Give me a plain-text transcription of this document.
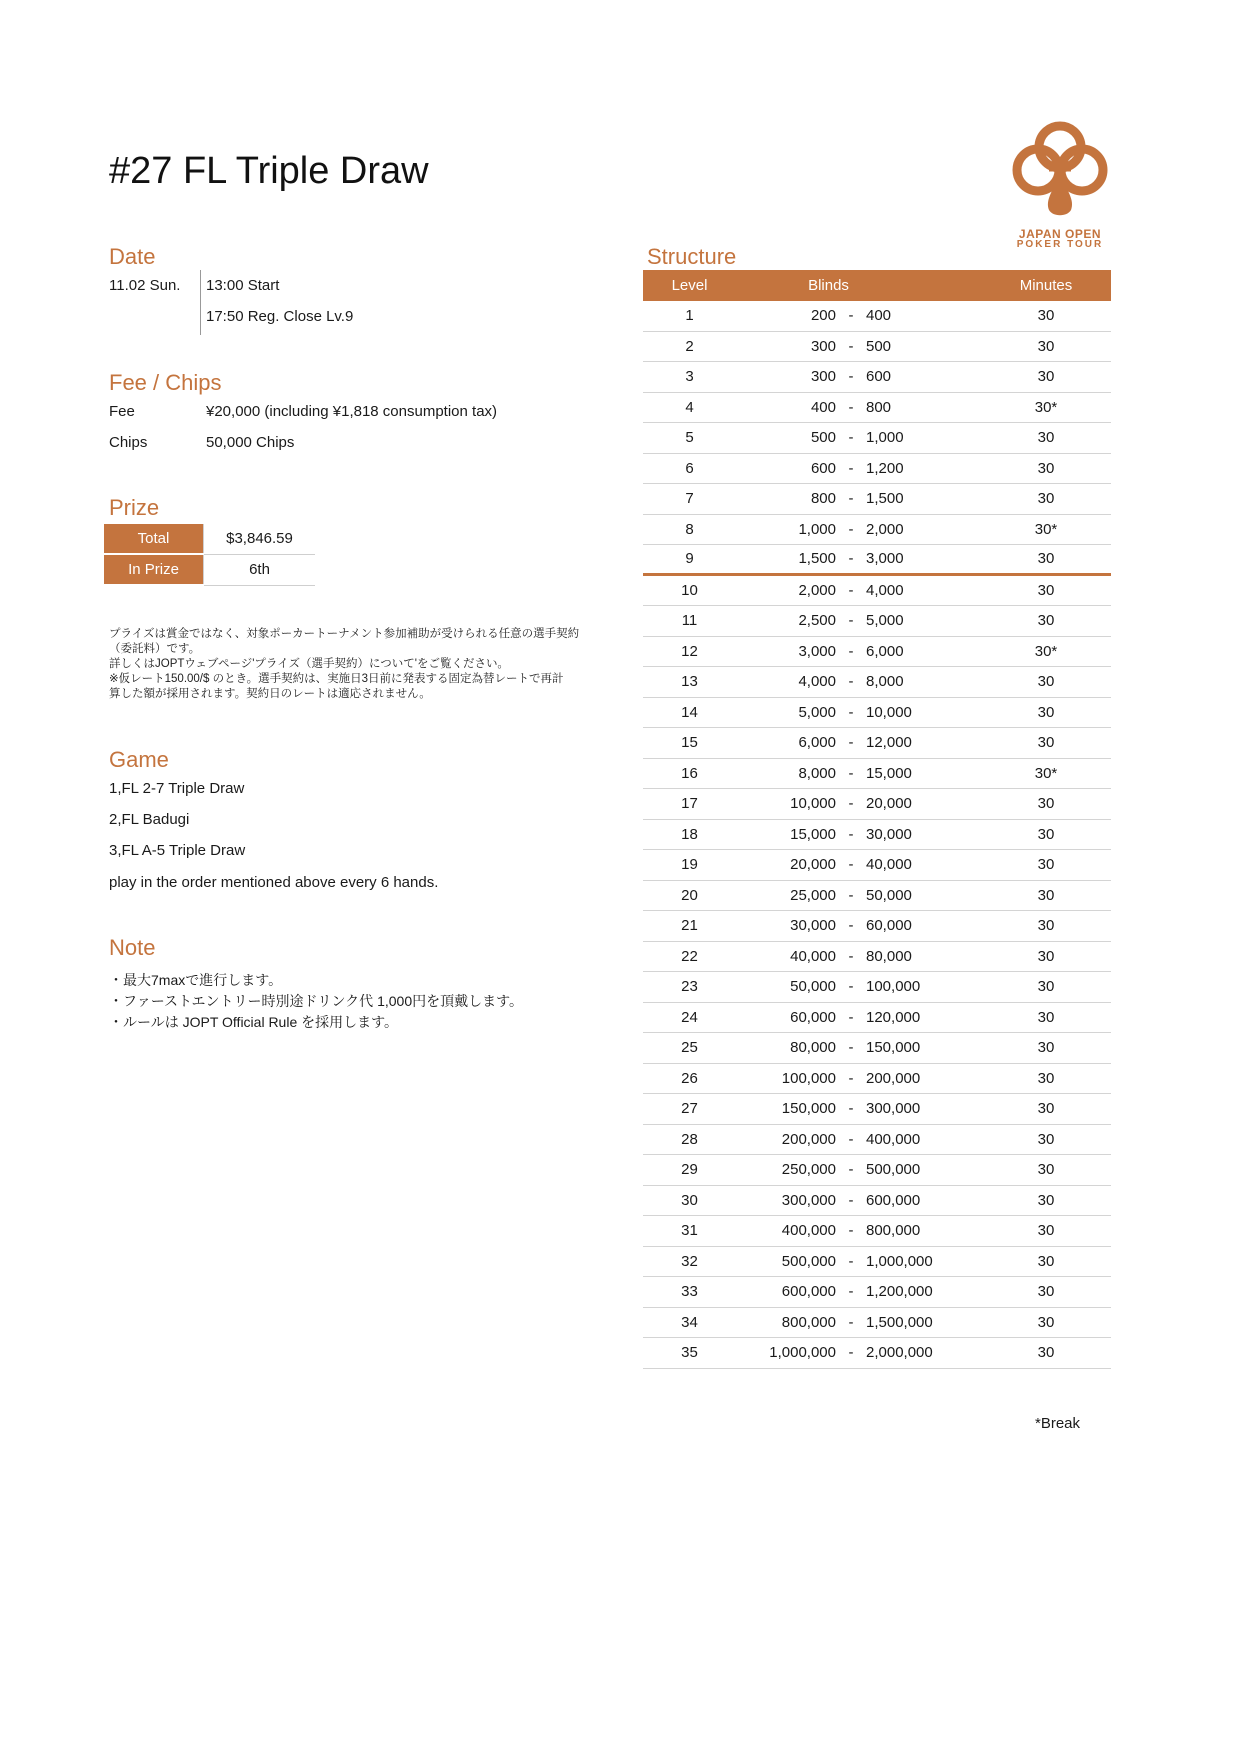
#27 FL Triple Draw
JAPAN OPEN
POKER TOUR
Date
11.02 Sun. 13:00 Start
17:50 Reg. Close Lv.9
Fee / Chips
Fee	¥20,000 (including ¥1,818 consumption tax)
Chips	50,000 Chips
Prize
Total	$3,846.59
In Prize	6th

プライズは賞金ではなく、対象ポーカートーナメント参加補助が受けられる任意の選手契約
（委託料）です。
詳しくはJOPTウェブページ'プライズ（選手契約）について'をご覧ください。
※仮レート150.00/$ のとき。選手契約は、実施日3日前に発表する固定為替レートで再計
算した額が採用されます。契約日のレートは適応されません。

Game
1,FL 2-7 Triple Draw
2,FL Badugi
3,FL A-5 Triple Draw
play in the order mentioned above every 6 hands.
Note
・最大7maxで進行します。
・ファーストエントリー時別途ドリンク代 1,000円を頂戴します。
・ルールは JOPT Official Rule を採用します。
Structure
Level	Blinds	Minutes
1	200 - 400	30
2	300 - 500	30
3	300 - 600	30
4	400 - 800	30*
5	500 - 1,000	30
6	600 - 1,200	30
7	800 - 1,500	30
8	1,000 - 2,000	30*
9	1,500 - 3,000	30
10	2,000 - 4,000	30
11	2,500 - 5,000	30
12	3,000 - 6,000	30*
13	4,000 - 8,000	30
14	5,000 - 10,000	30
15	6,000 - 12,000	30
16	8,000 - 15,000	30*
17	10,000 - 20,000	30
18	15,000 - 30,000	30
19	20,000 - 40,000	30
20	25,000 - 50,000	30
21	30,000 - 60,000	30
22	40,000 - 80,000	30
23	50,000 - 100,000	30
24	60,000 - 120,000	30
25	80,000 - 150,000	30
26	100,000 - 200,000	30
27	150,000 - 300,000	30
28	200,000 - 400,000	30
29	250,000 - 500,000	30
30	300,000 - 600,000	30
31	400,000 - 800,000	30
32	500,000 - 1,000,000	30
33	600,000 - 1,200,000	30
34	800,000 - 1,500,000	30
35	1,000,000 - 2,000,000	30
*Break
